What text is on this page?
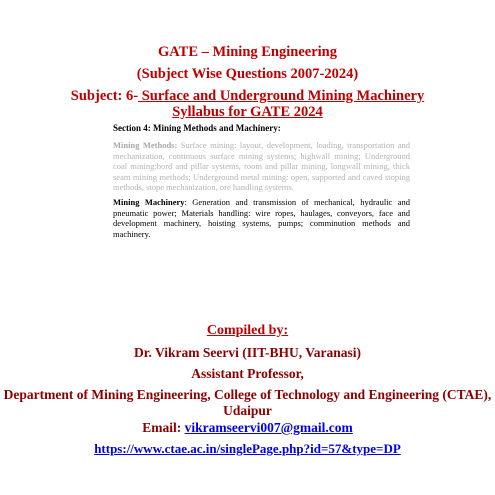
GATE – Mining Engineering
(Subject Wise Questions 2007-2024)
Subject: 6- Surface and Underground Mining Machinery
Syllabus for GATE 2024
Section 4: Mining Methods and Machinery:
Mining Methods: Surface mining: layout, development, loading, transportation and mechanization, continuous surface mining systems; highwall mining; Underground coal mining:bord and pillar systems, room and pillar mining, longwall mining, thick seam mining methods; Underground metal mining: open, supported and caved stoping methods, stope mechanization, ore handling systems.
Mining Machinery: Generation and transmission of mechanical, hydraulic and pneumatic power; Materials handling: wire ropes, haulages, conveyors, face and development machinery, hoisting systems, pumps; comminution methods and machinery.
Compiled by:
Dr. Vikram Seervi (IIT-BHU, Varanasi)
Assistant Professor,
Department of Mining Engineering, College of Technology and Engineering (CTAE), Udaipur
Email: vikramseervi007@gmail.com
https://www.ctae.ac.in/singlePage.php?id=57&type=DP
